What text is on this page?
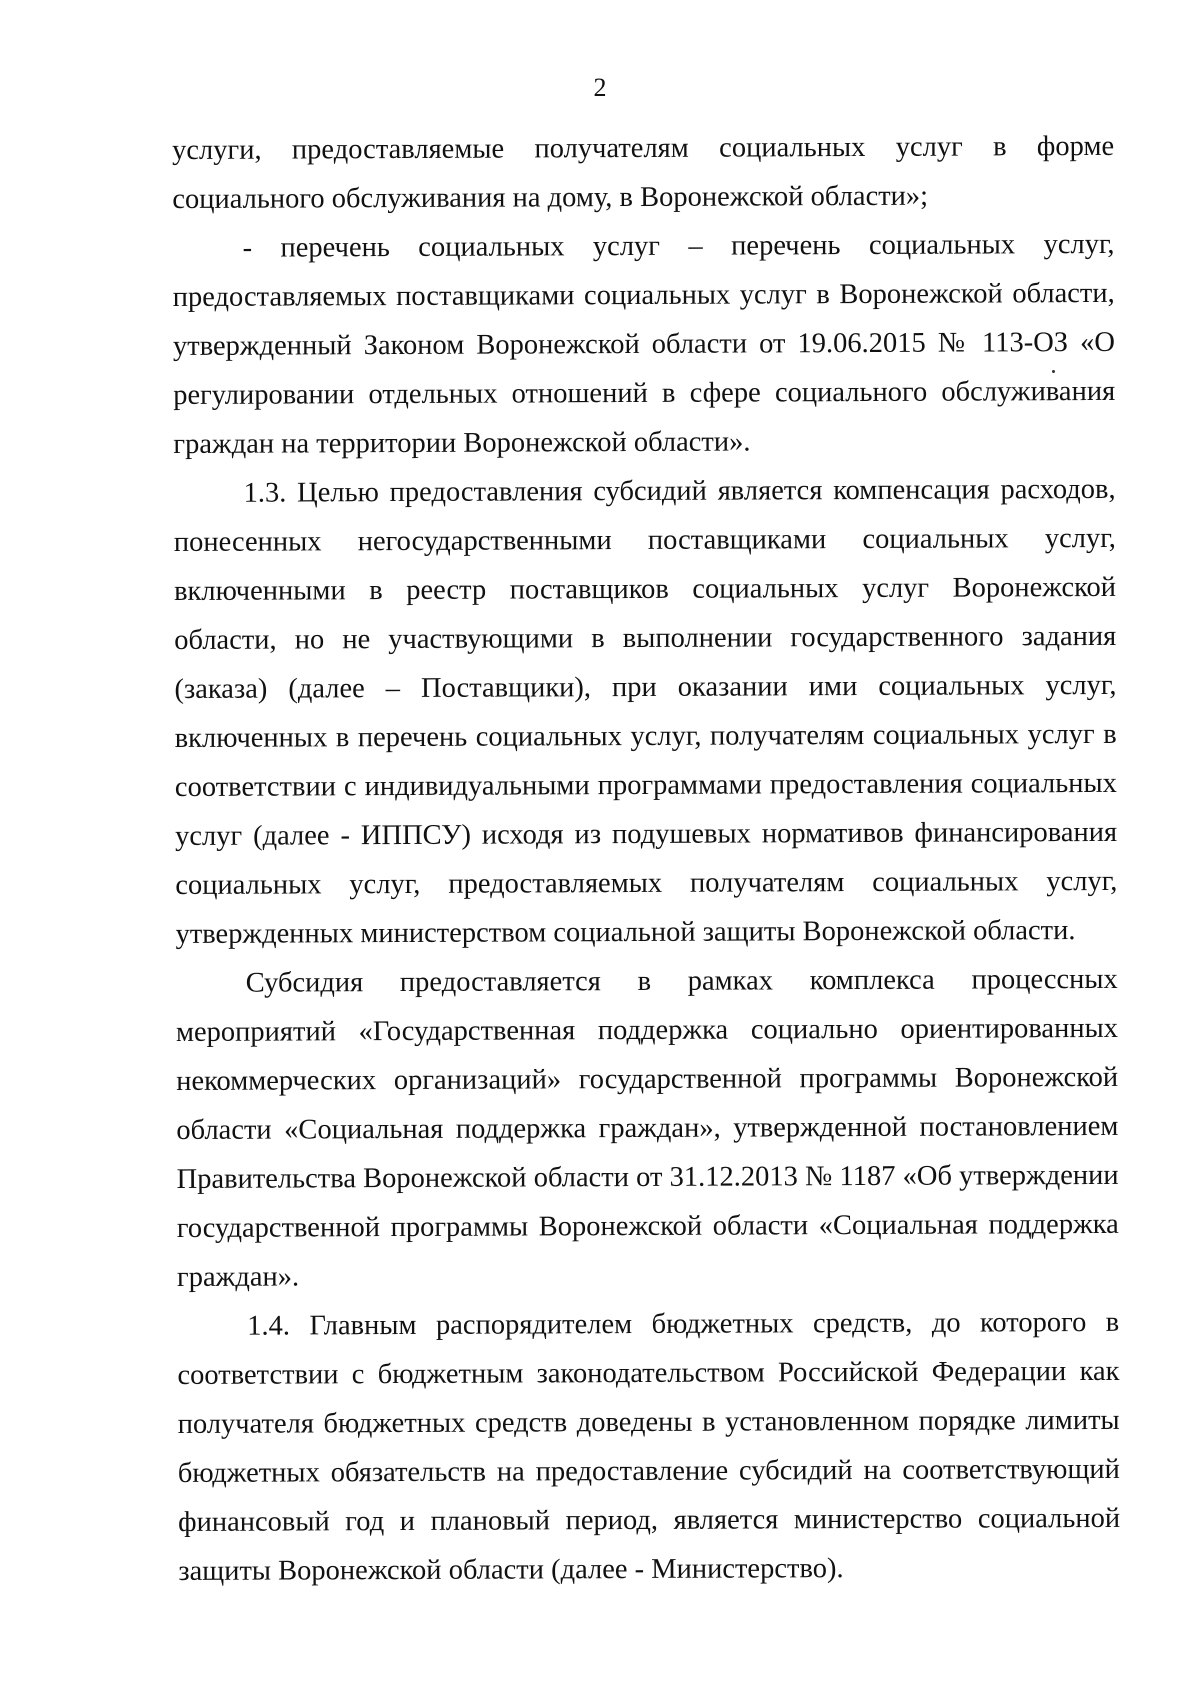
2

услуги, предоставляемые получателям социальных услуг в форме социального обслуживания на дому, в Воронежской области»;

- перечень социальных услуг – перечень социальных услуг, предоставляемых поставщиками социальных услуг в Воронежской области, утвержденный Законом Воронежской области от 19.06.2015 № 113-ОЗ «О регулировании отдельных отношений в сфере социального обслуживания граждан на территории Воронежской области».

1.3. Целью предоставления субсидий является компенсация расходов, понесенных негосударственными поставщиками социальных услуг, включенными в реестр поставщиков социальных услуг Воронежской области, но не участвующими в выполнении государственного задания (заказа) (далее – Поставщики), при оказании ими социальных услуг, включенных в перечень социальных услуг, получателям социальных услуг в соответствии с индивидуальными программами предоставления социальных услуг (далее - ИППСУ) исходя из подушевых нормативов финансирования социальных услуг, предоставляемых получателям социальных услуг, утвержденных министерством социальной защиты Воронежской области.

Субсидия предоставляется в рамках комплекса процессных мероприятий «Государственная поддержка социально ориентированных некоммерческих организаций» государственной программы Воронежской области «Социальная поддержка граждан», утвержденной постановлением Правительства Воронежской области от 31.12.2013 № 1187 «Об утверждении государственной программы Воронежской области «Социальная поддержка граждан».

1.4. Главным распорядителем бюджетных средств, до которого в соответствии с бюджетным законодательством Российской Федерации как получателя бюджетных средств доведены в установленном порядке лимиты бюджетных обязательств на предоставление субсидий на соответствующий финансовый год и плановый период, является министерство социальной защиты Воронежской области (далее - Министерство).
